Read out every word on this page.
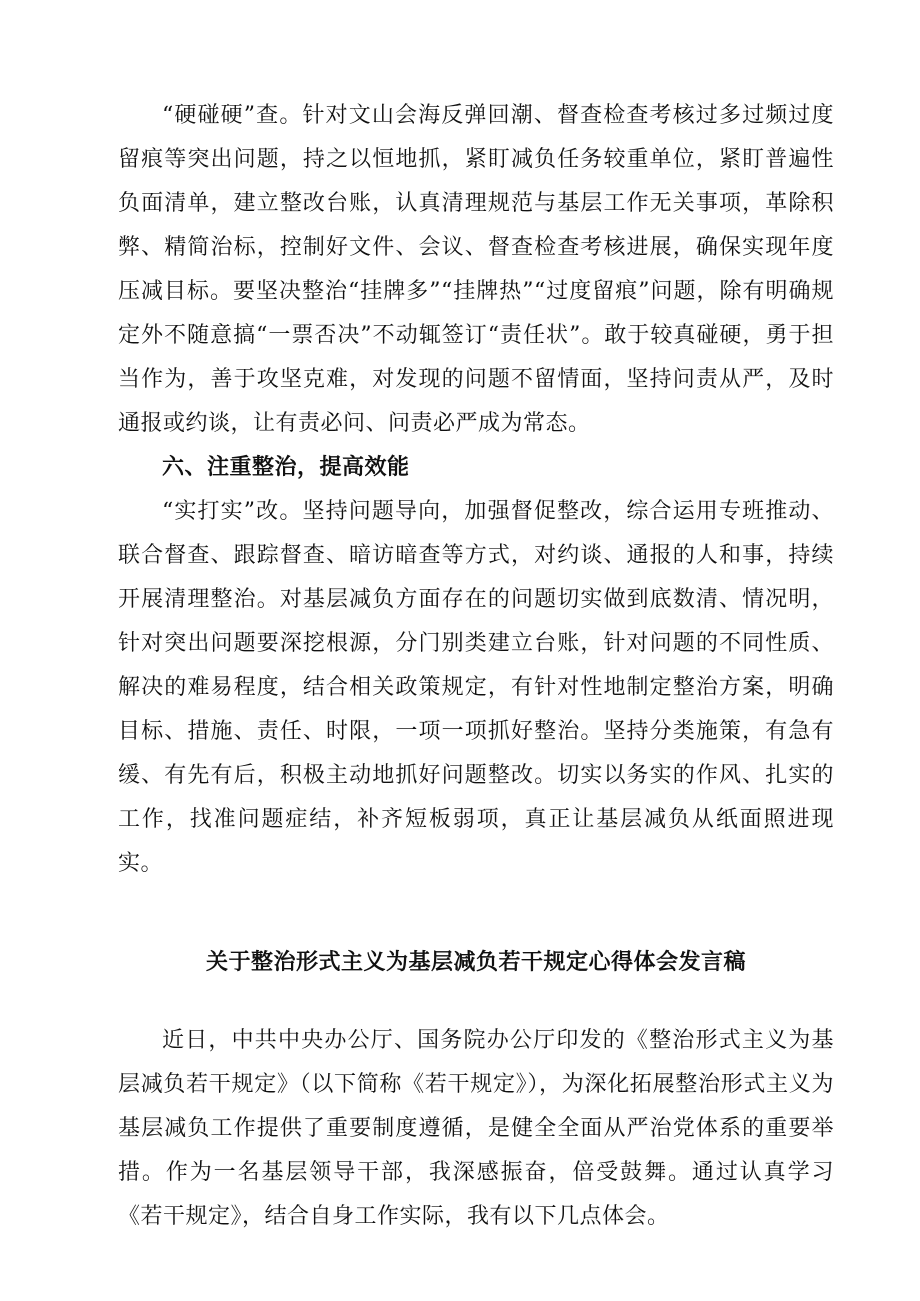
“硬碰硬”查。针对文山会海反弹回潮、督查检查考核过多过频过度留痕等突出问题，持之以恒地抓，紧盯减负任务较重单位，紧盯普遍性负面清单，建立整改台账，认真清理规范与基层工作无关事项，革除积弊、精简治标，控制好文件、会议、督查检查考核进展，确保实现年度压减目标。要坚决整治“挂牌多”“挂牌热”“过度留痕”问题，除有明确规定外不随意搞“一票否决”不动辄签订“责任状”。敢于较真碰硬，勇于担当作为，善于攻坚克难，对发现的问题不留情面，坚持问责从严，及时通报或约谈，让有责必问、问责必严成为常态。

六、注重整治，提高效能

“实打实”改。坚持问题导向，加强督促整改，综合运用专班推动、联合督查、跟踪督查、暗访暗查等方式，对约谈、通报的人和事，持续开展清理整治。对基层减负方面存在的问题切实做到底数清、情况明，针对突出问题要深挖根源，分门别类建立台账，针对问题的不同性质、解决的难易程度，结合相关政策规定，有针对性地制定整治方案，明确目标、措施、责任、时限，一项一项抓好整治。坚持分类施策，有急有缓、有先有后，积极主动地抓好问题整改。切实以务实的作风、扎实的工作，找准问题症结，补齐短板弱项，真正让基层减负从纸面照进现实。

关于整治形式主义为基层减负若干规定心得体会发言稿

近日，中共中央办公厅、国务院办公厅印发的《整治形式主义为基层减负若干规定》（以下简称《若干规定》），为深化拓展整治形式主义为基层减负工作提供了重要制度遵循，是健全全面从严治党体系的重要举措。作为一名基层领导干部，我深感振奋，倍受鼓舞。通过认真学习《若干规定》，结合自身工作实际，我有以下几点体会。
